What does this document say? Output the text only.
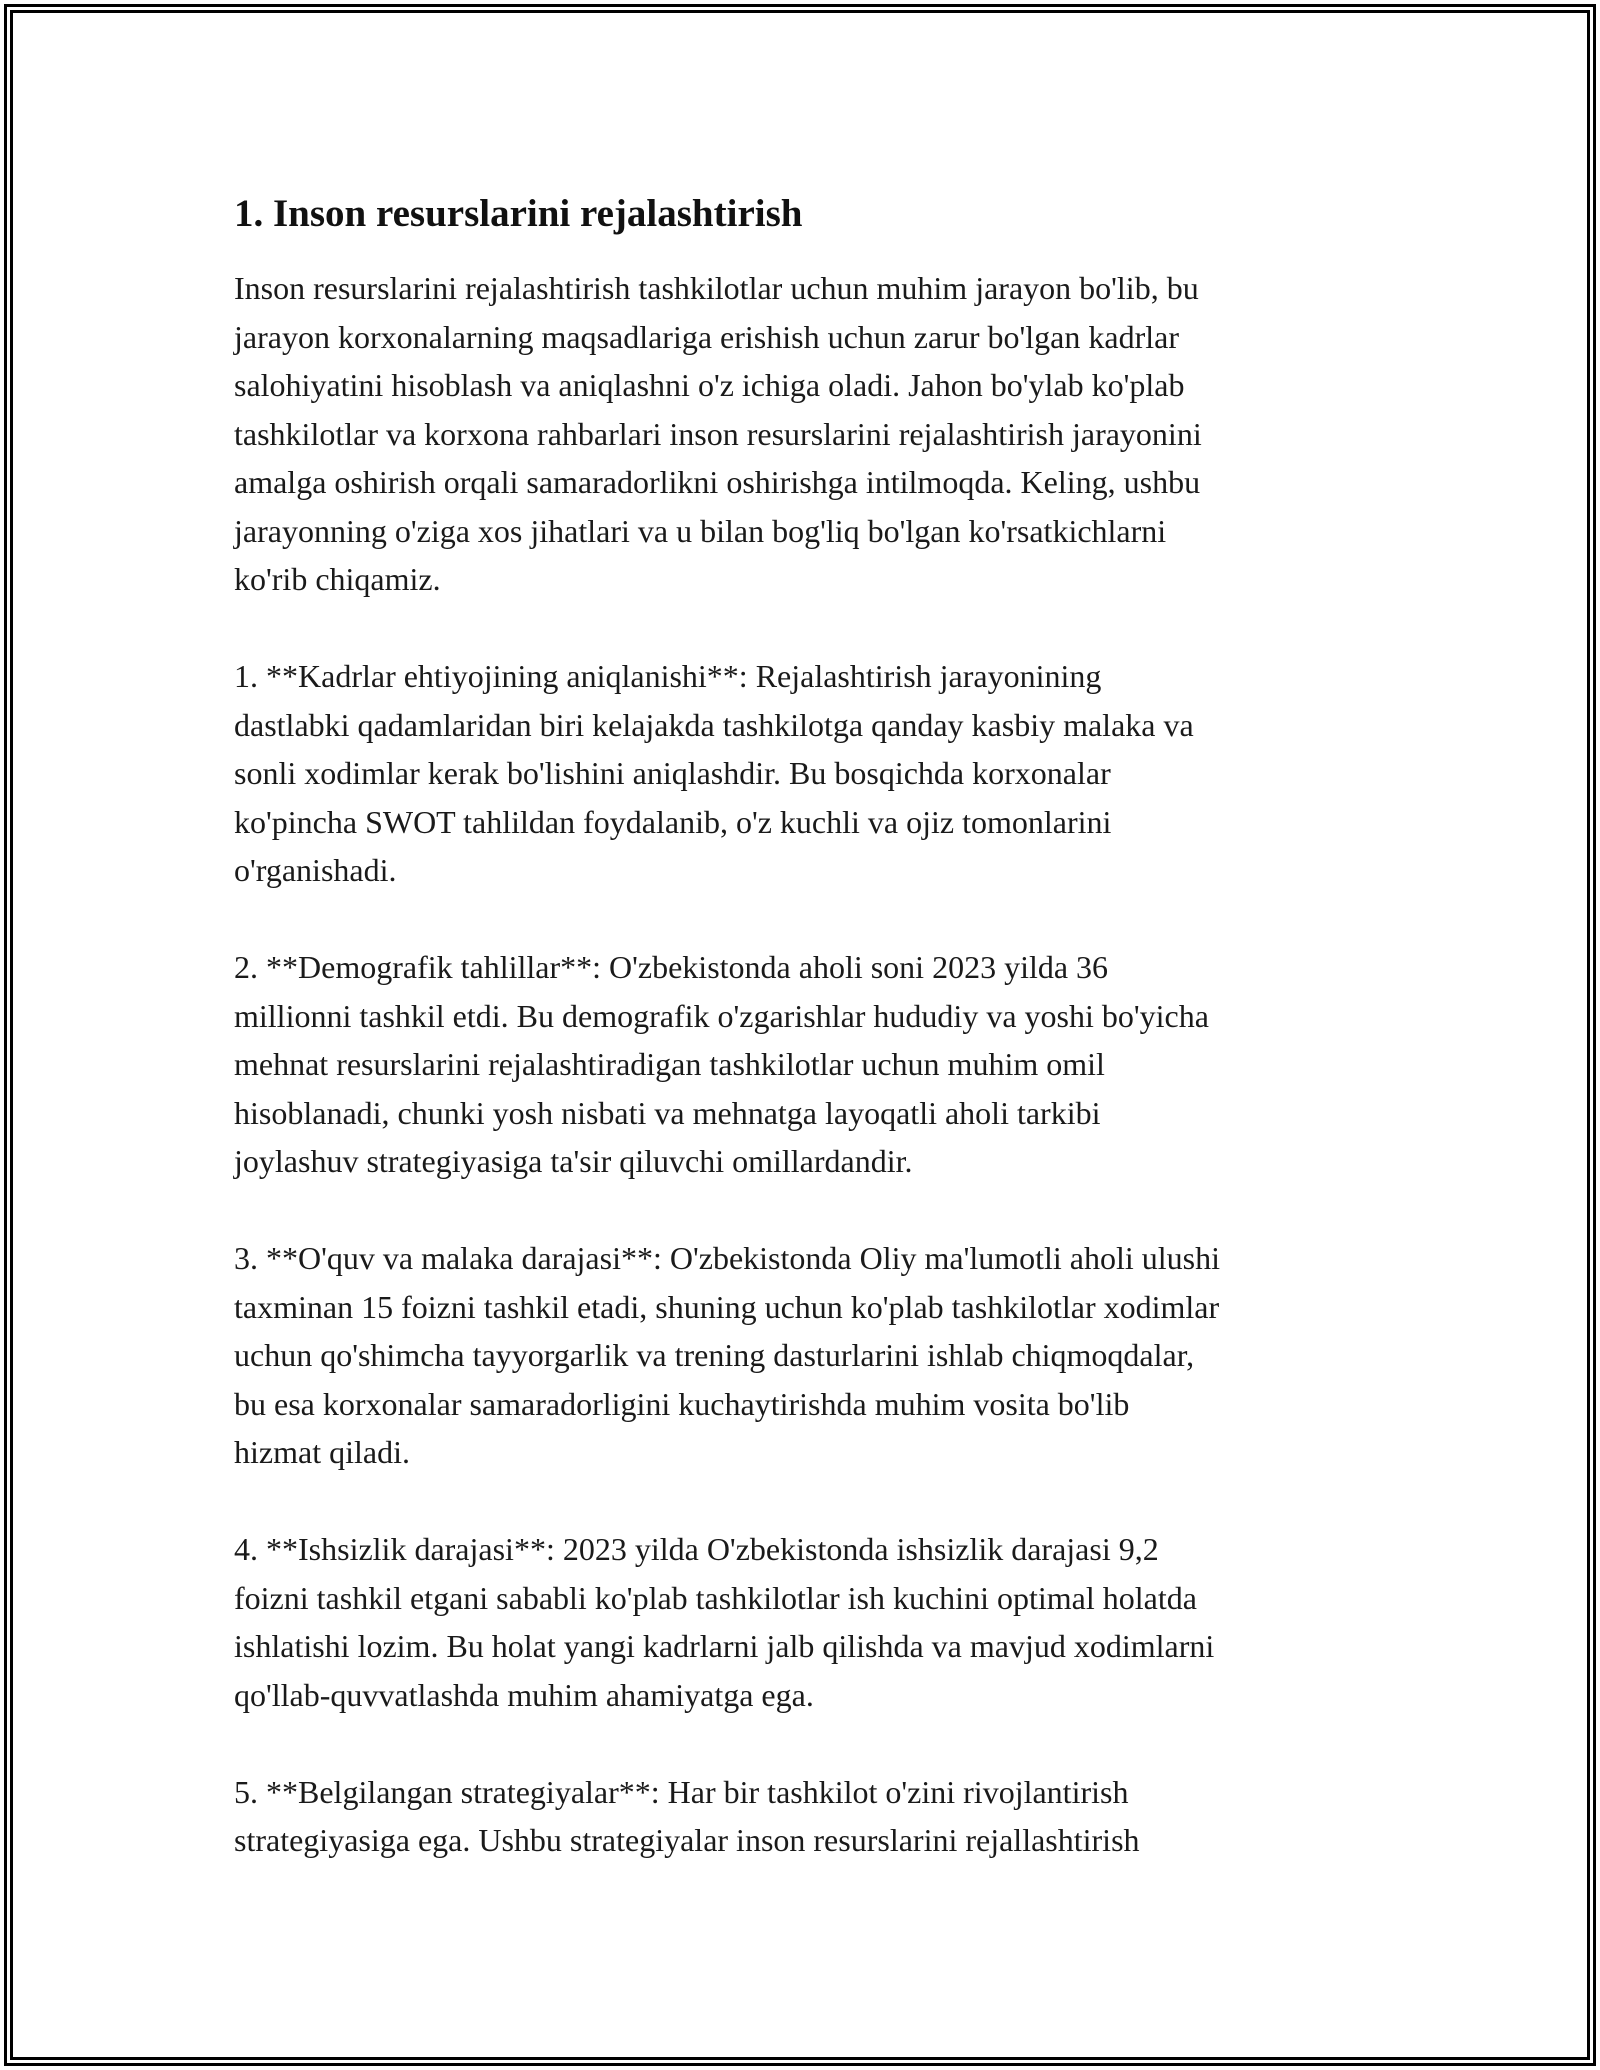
1. Inson resurslarini rejalashtirish

Inson resurslarini rejalashtirish tashkilotlar uchun muhim jarayon bo'lib, bu
jarayon korxonalarning maqsadlariga erishish uchun zarur bo'lgan kadrlar
salohiyatini hisoblash va aniqlashni o'z ichiga oladi. Jahon bo'ylab ko'plab
tashkilotlar va korxona rahbarlari inson resurslarini rejalashtirish jarayonini
amalga oshirish orqali samaradorlikni oshirishga intilmoqda. Keling, ushbu
jarayonning o'ziga xos jihatlari va u bilan bog'liq bo'lgan ko'rsatkichlarni
ko'rib chiqamiz.

1. **Kadrlar ehtiyojining aniqlanishi**: Rejalashtirish jarayonining
dastlabki qadamlaridan biri kelajakda tashkilotga qanday kasbiy malaka va
sonli xodimlar kerak bo'lishini aniqlashdir. Bu bosqichda korxonalar
ko'pincha SWOT tahlildan foydalanib, o'z kuchli va ojiz tomonlarini
o'rganishadi.

2. **Demografik tahlillar**: O'zbekistonda aholi soni 2023 yilda 36
millionni tashkil etdi. Bu demografik o'zgarishlar hududiy va yoshi bo'yicha
mehnat resurslarini rejalashtiradigan tashkilotlar uchun muhim omil
hisoblanadi, chunki yosh nisbati va mehnatga layoqatli aholi tarkibi
joylashuv strategiyasiga ta'sir qiluvchi omillardandir.

3. **O'quv va malaka darajasi**: O'zbekistonda Oliy ma'lumotli aholi ulushi
taxminan 15 foizni tashkil etadi, shuning uchun ko'plab tashkilotlar xodimlar
uchun qo'shimcha tayyorgarlik va trening dasturlarini ishlab chiqmoqdalar,
bu esa korxonalar samaradorligini kuchaytirishda muhim vosita bo'lib
hizmat qiladi.

4. **Ishsizlik darajasi**: 2023 yilda O'zbekistonda ishsizlik darajasi 9,2
foizni tashkil etgani sababli ko'plab tashkilotlar ish kuchini optimal holatda
ishlatishi lozim. Bu holat yangi kadrlarni jalb qilishda va mavjud xodimlarni
qo'llab-quvvatlashda muhim ahamiyatga ega.

5. **Belgilangan strategiyalar**: Har bir tashkilot o'zini rivojlantirish
strategiyasiga ega. Ushbu strategiyalar inson resurslarini rejallashtirish
